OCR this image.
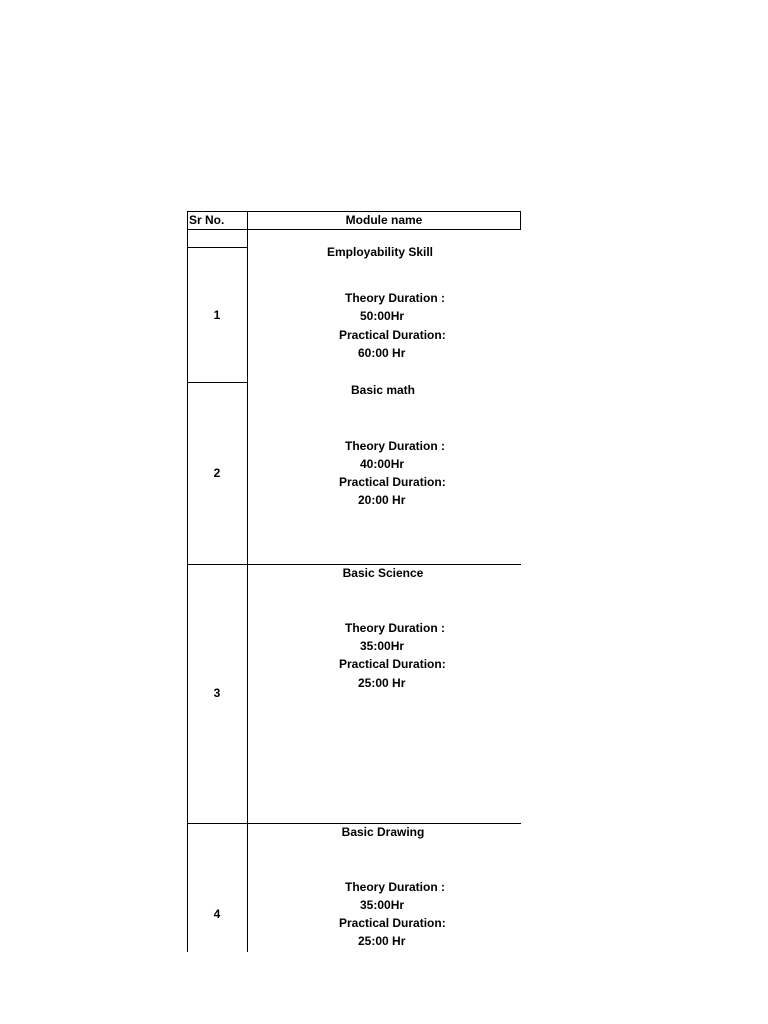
Sr No.	Module name
1
Employability Skill
Theory Duration :
50:00Hr
Practical Duration:
60:00 Hr
2
Basic math
Theory Duration :
40:00Hr
Practical Duration:
20:00 Hr
3
Basic Science
Theory Duration :
35:00Hr
Practical Duration:
25:00 Hr
4
Basic Drawing
Theory Duration :
35:00Hr
Practical Duration:
25:00 Hr
